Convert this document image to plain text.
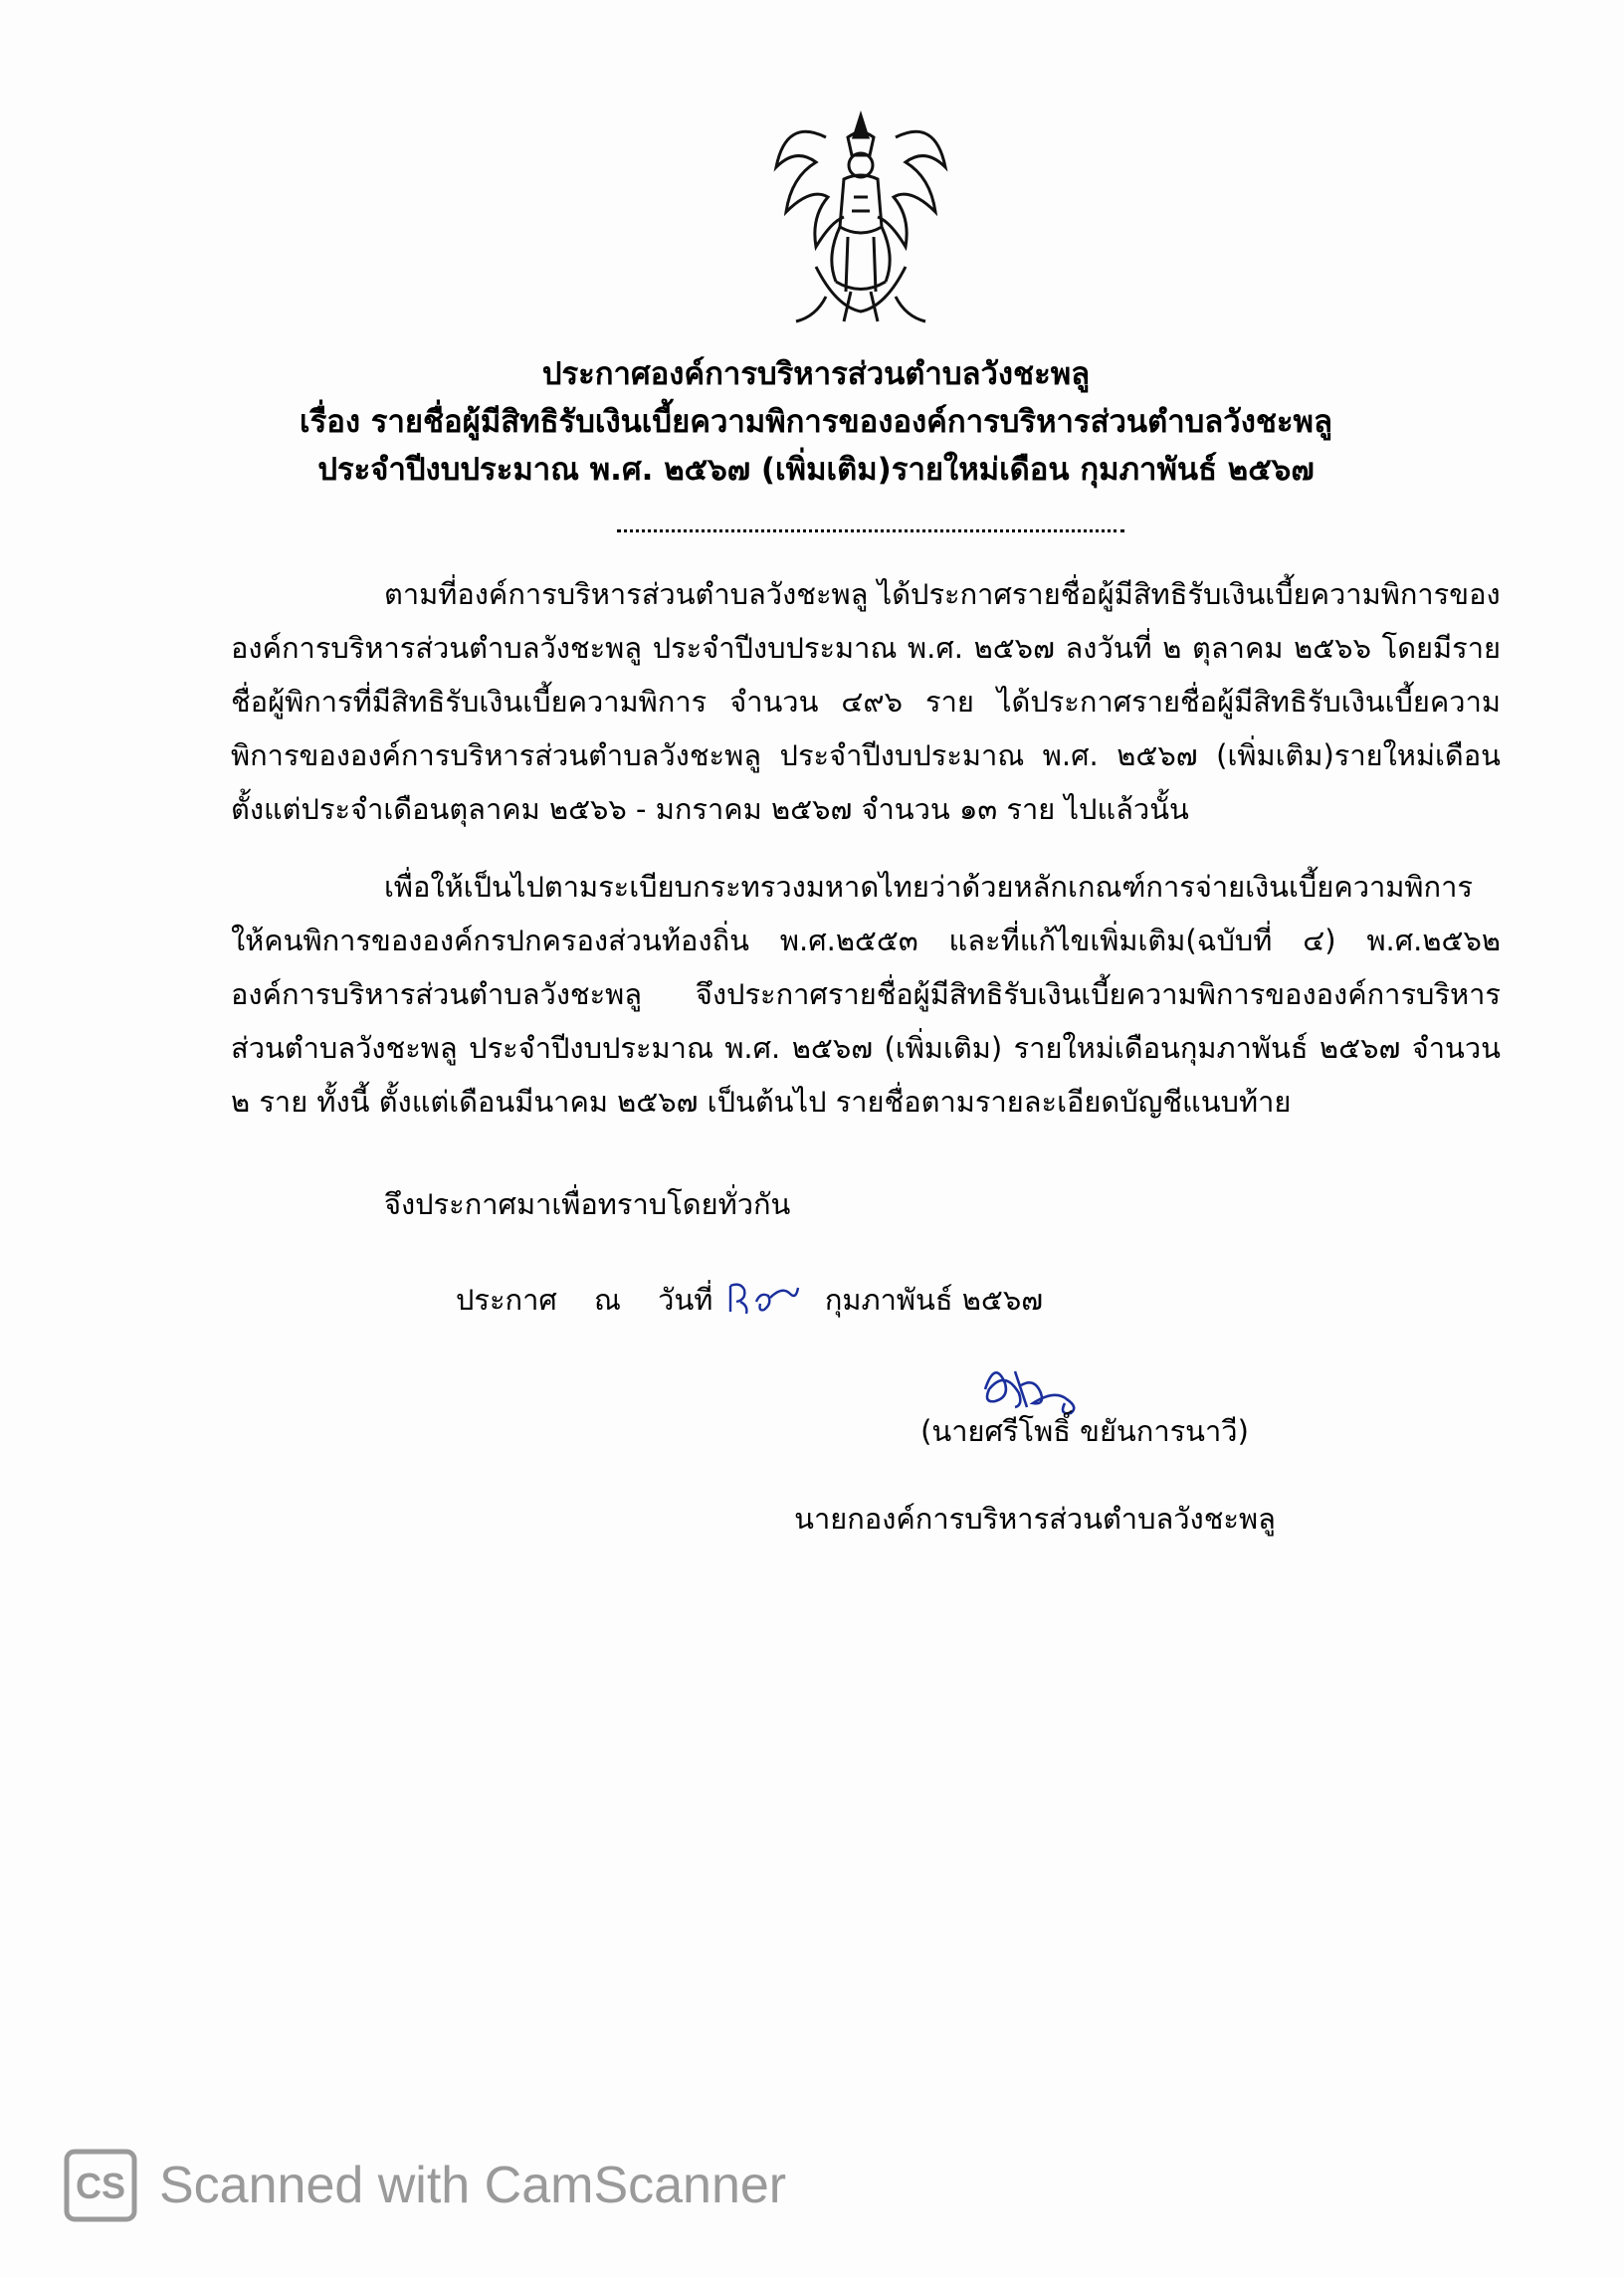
ประกาศองค์การบริหารส่วนตำบลวังชะพลู
เรื่อง รายชื่อผู้มีสิทธิรับเงินเบี้ยความพิการขององค์การบริหารส่วนตำบลวังชะพลู
ประจำปีงบประมาณ พ.ศ. ๒๕๖๗ (เพิ่มเติม)รายใหม่เดือน กุมภาพันธ์ ๒๕๖๗
ตามที่องค์การบริหารส่วนตำบลวังชะพลู ได้ประกาศรายชื่อผู้มีสิทธิรับเงินเบี้ยความพิการของ
องค์การบริหารส่วนตำบลวังชะพลู ประจำปีงบประมาณ พ.ศ. ๒๕๖๗ ลงวันที่ ๒ ตุลาคม ๒๕๖๖ โดยมีรายชื่อผู้พิการที่มีสิทธิรับเงินเบี้ยความพิการ จำนวน ๔๙๖ ราย ได้ประกาศรายชื่อผู้มีสิทธิรับเงินเบี้ยความพิการขององค์การบริหารส่วนตำบลวังชะพลู ประจำปีงบประมาณ พ.ศ. ๒๕๖๗ (เพิ่มเติม)รายใหม่เดือน ตั้งแต่ประจำเดือนตุลาคม ๒๕๖๖ - มกราคม ๒๕๖๗ จำนวน ๑๓ ราย ไปแล้วนั้น
เพื่อให้เป็นไปตามระเบียบกระทรวงมหาดไทยว่าด้วยหลักเกณฑ์การจ่ายเงินเบี้ยความพิการ
ให้คนพิการขององค์กรปกครองส่วนท้องถิ่น พ.ศ.๒๕๕๓ และที่แก้ไขเพิ่มเติม(ฉบับที่ ๔) พ.ศ.๒๕๖๒ องค์การบริหารส่วนตำบลวังชะพลู จึงประกาศรายชื่อผู้มีสิทธิรับเงินเบี้ยความพิการขององค์การบริหารส่วนตำบลวังชะพลู ประจำปีงบประมาณ พ.ศ. ๒๕๖๗ (เพิ่มเติม) รายใหม่เดือนกุมภาพันธ์ ๒๕๖๗ จำนวน ๒ ราย ทั้งนี้ ตั้งแต่เดือนมีนาคม ๒๕๖๗ เป็นต้นไป รายชื่อตามรายละเอียดบัญชีแนบท้าย
จึงประกาศมาเพื่อทราบโดยทั่วกัน
ประกาศ ณ วันที่	กุมภาพันธ์ ๒๕๖๗
(นายศรีโพธิ์ ขยันการนาวี)
นายกองค์การบริหารส่วนตำบลวังชะพลู
CS Scanned with CamScanner
